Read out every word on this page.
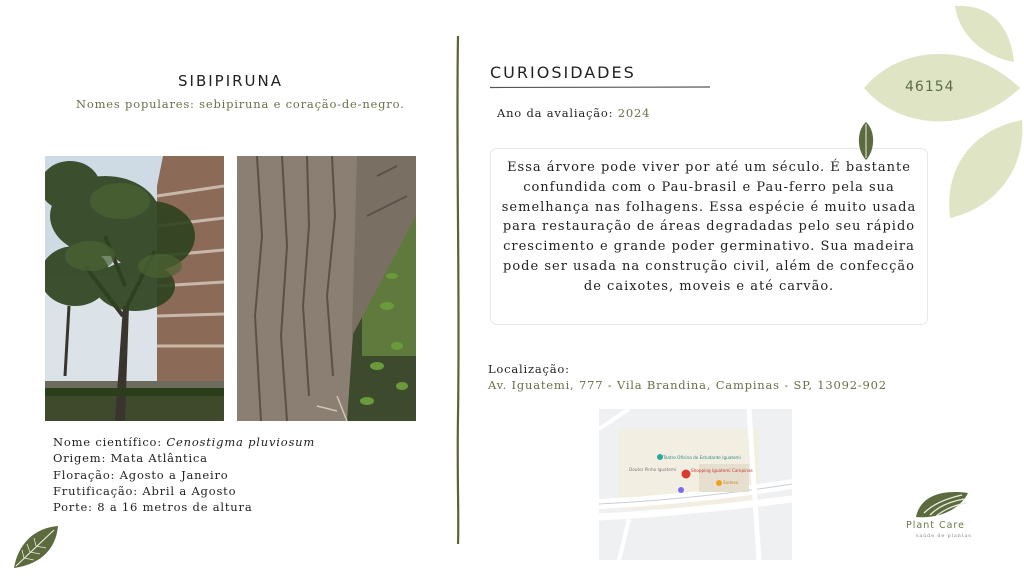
SIBIPIRUNA
Nomes populares: sebipiruna e coração-de-negro.
Nome científico: Cenostigma pluviosum
Origem: Mata Atlântica
Floração: Agosto a Janeiro
Frutificação: Abril a Agosto
Porte: 8 a 16 metros de altura
CURIOSIDADES
Ano da avaliação: 2024
Essa árvore pode viver por até um século. É bastante confundida com o Pau-brasil e Pau-ferro pela sua semelhança nas folhagens. Essa espécie é muito usada para restauração de áreas degradadas pelo seu rápido crescimento e grande poder germinativo. Sua madeira pode ser usada na construção civil, além de confecção de caixotes, moveis e até carvão.
46154
Localização:
Av. Iguatemi, 777 - Vila Brandina, Campinas - SP, 13092-902
Teatro Oficina do Estudante Iguatemi
Doutor Pinho Iguatemi	Shopping Iguatemi Campinas
Sodexo
Plant Care
saúde de plantas
